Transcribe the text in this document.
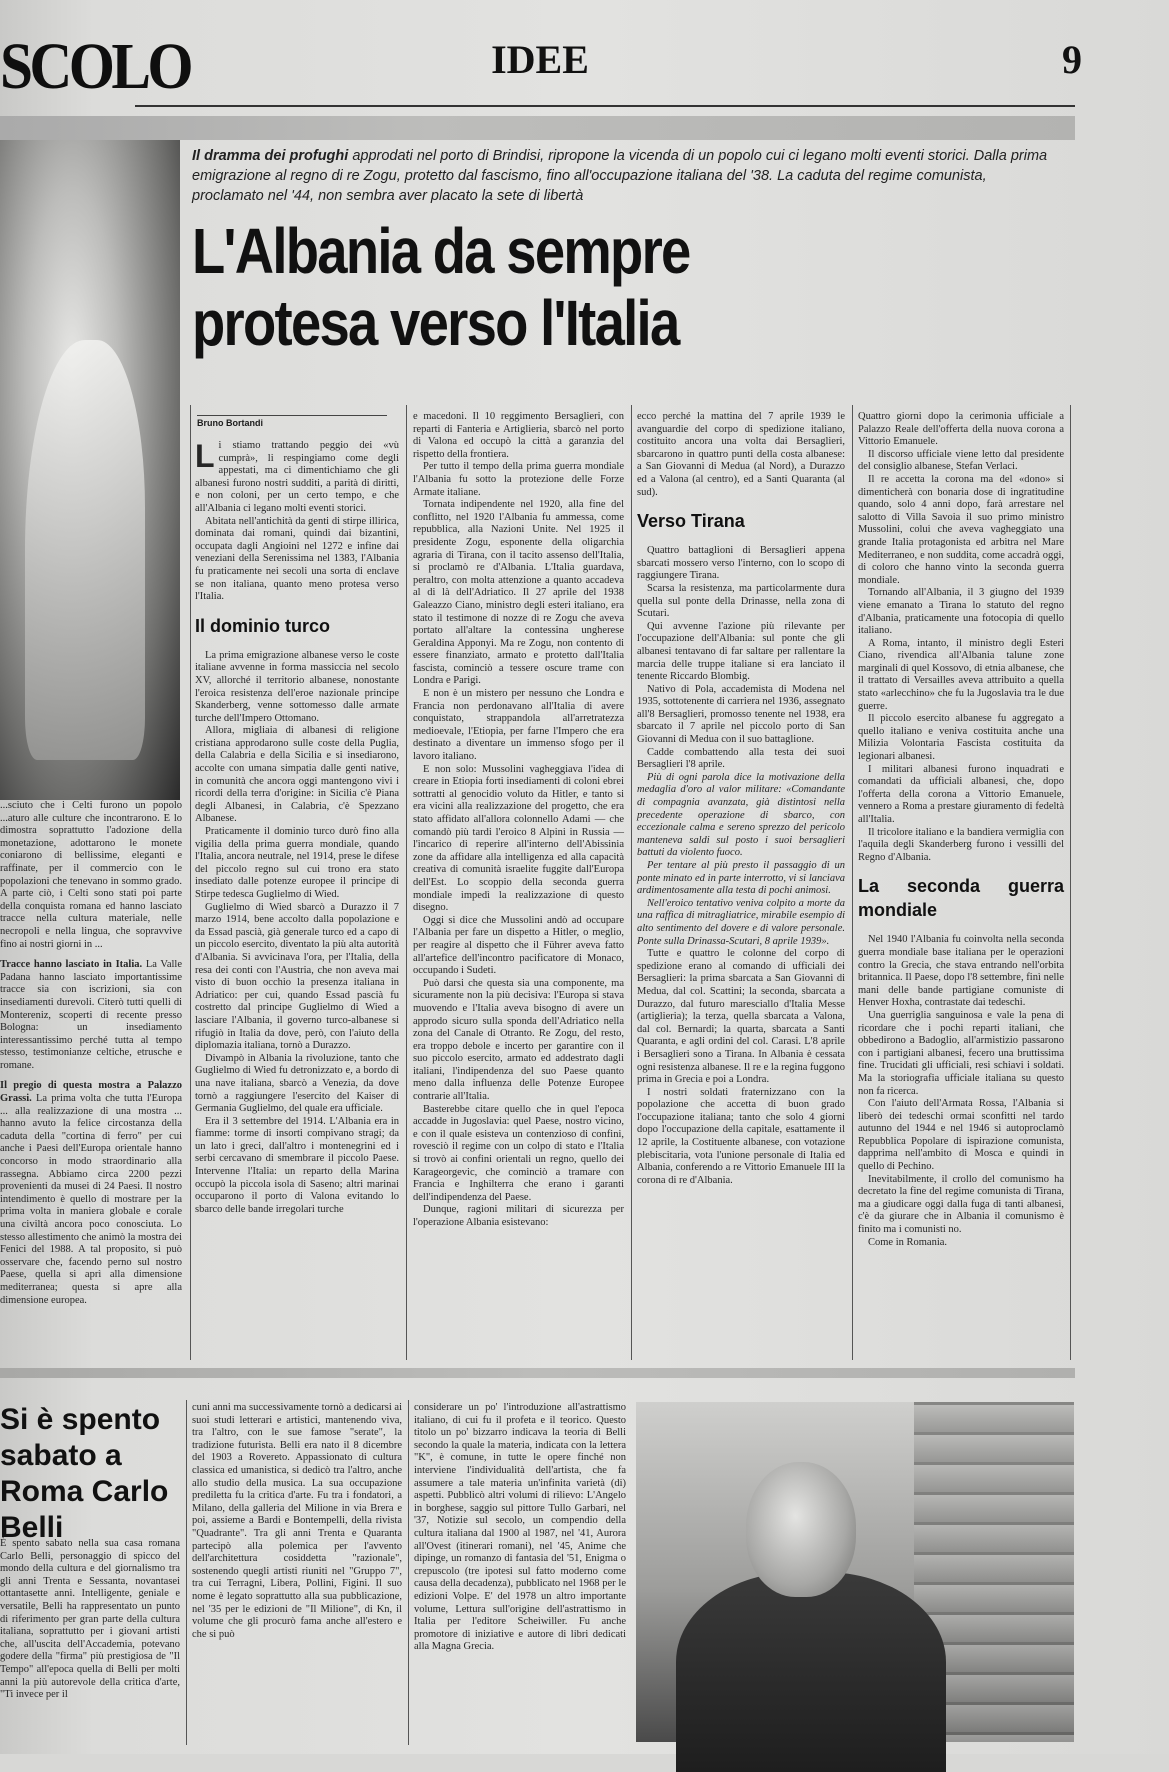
SCOLO	IDEE	9
Il dramma dei profughi approdati nel porto di Brindisi, ripropone la vicenda di un popolo cui ci legano molti eventi storici. Dalla prima emigrazione al regno di re Zogu, protetto dal fascismo, fino all'occupazione italiana del '38. La caduta del regime comunista, proclamato nel '44, non sembra aver placato la sete di libertà
L'Albania da sempre
protesa verso l'Italia
Bruno Bortandi

Li stiamo trattando peggio dei «vù cumprà», li respingiamo come degli appestati, ma ci dimentichiamo che gli albanesi furono nostri sudditi, a parità di diritti, e non coloni, per un certo tempo, e che all'Albania ci legano molti eventi storici.

Abitata nell'antichità da genti di stirpe illirica, dominata dai romani, quindi dai bizantini, occupata dagli Angioini nel 1272 e infine dai veneziani della Serenissima nel 1383, l'Albania fu praticamente nei secoli una sorta di enclave se non italiana, quanto meno protesa verso l'Italia.

Il dominio turco

La prima emigrazione albanese verso le coste italiane avvenne in forma massiccia nel secolo XV, allorché il territorio albanese, nonostante l'eroica resistenza dell'eroe nazionale principe Skanderberg, venne sottomesso dalle armate turche dell'Impero Ottomano.

Allora, migliaia di albanesi di religione cristiana approdarono sulle coste della Puglia, della Calabria e della Sicilia e si insediarono, accolte con umana simpatia dalle genti native, in comunità che ancora oggi mantengono vivi i ricordi della terra d'origine: in Sicilia c'è Piana degli Albanesi, in Calabria, c'è Spezzano Albanese.

Praticamente il dominio turco durò fino alla vigilia della prima guerra mondiale, quando l'Italia, ancora neutrale, nel 1914, prese le difese del piccolo regno sul cui trono era stato insediato dalle potenze europee il principe di Stirpe tedesca Guglielmo di Wied.

Guglielmo di Wied sbarcò a Durazzo il 7 marzo 1914, bene accolto dalla popolazione e da Essad pascià, già generale turco ed a capo di un piccolo esercito, diventato la più alta autorità d'Albania. Si avvicinava l'ora, per l'Italia, della resa dei conti con l'Austria, che non aveva mai visto di buon occhio la presenza italiana in Adriatico: per cui, quando Essad pascià fu costretto dal principe Guglielmo di Wied a lasciare l'Albania, il governo turco-albanese si rifugiò in Italia da dove, però, con l'aiuto della diplomazia italiana, tornò a Durazzo.

Divampò in Albania la rivoluzione, tanto che Guglielmo di Wied fu detronizzato e, a bordo di una nave italiana, sbarcò a Venezia, da dove tornò a raggiungere l'esercito del Kaiser di Germania Guglielmo, del quale era ufficiale.

Era il 3 settembre del 1914. L'Albania era in fiamme: torme di insorti compivano stragi; da un lato i greci, dall'altro i montenegrini ed i serbi cercavano di smembrare il piccolo Paese. Intervenne l'Italia: un reparto della Marina occupò la piccola isola di Saseno; altri marinai occuparono il porto di Valona evitando lo sbarco delle bande irregolari turche

e macedoni. Il 10 reggimento Bersaglieri, con reparti di Fanteria e Artiglieria, sbarcò nel porto di Valona ed occupò la città a garanzia del rispetto della frontiera.

Per tutto il tempo della prima guerra mondiale l'Albania fu sotto la protezione delle Forze Armate italiane.

Tornata indipendente nel 1920, alla fine del conflitto, nel 1920 l'Albania fu ammessa, come repubblica, alla Nazioni Unite. Nel 1925 il presidente Zogu, esponente della oligarchia agraria di Tirana, con il tacito assenso dell'Italia, si proclamò re d'Albania. L'Italia guardava, peraltro, con molta attenzione a quanto accadeva al di là dell'Adriatico. Il 27 aprile del 1938 Galeazzo Ciano, ministro degli esteri italiano, era stato il testimone di nozze di re Zogu che aveva portato all'altare la contessina ungherese Geraldina Apponyi. Ma re Zogu, non contento di essere finanziato, armato e protetto dall'Italia fascista, cominciò a tessere oscure trame con Londra e Parigi.

E non è un mistero per nessuno che Londra e Francia non perdonavano all'Italia di avere conquistato, strappandola all'arretratezza medioevale, l'Etiopia, per farne l'Impero che era destinato a diventare un immenso sfogo per il lavoro italiano.

E non solo: Mussolini vagheggiava l'idea di creare in Etiopia forti insediamenti di coloni ebrei sottratti al genocidio voluto da Hitler, e tanto si era vicini alla realizzazione del progetto, che era stato affidato all'allora colonnello Adami — che comandò più tardi l'eroico 8 Alpini in Russia — l'incarico di reperire all'interno dell'Abissinia zone da affidare alla intelligenza ed alla capacità creativa di comunità israelite fuggite dall'Europa dell'Est. Lo scoppio della seconda guerra mondiale impedì la realizzazione di questo disegno.

Oggi si dice che Mussolini andò ad occupare l'Albania per fare un dispetto a Hitler, o meglio, per reagire al dispetto che il Führer aveva fatto all'artefice dell'incontro pacificatore di Monaco, occupando i Sudeti.

Può darsi che questa sia una componente, ma sicuramente non la più decisiva: l'Europa si stava muovendo e l'Italia aveva bisogno di avere un approdo sicuro sulla sponda dell'Adriatico nella zona del Canale di Otranto. Re Zogu, del resto, era troppo debole e incerto per garantire con il suo piccolo esercito, armato ed addestrato dagli italiani, l'indipendenza del suo Paese quanto meno dalla influenza delle Potenze Europee contrarie all'Italia.

Basterebbe citare quello che in quel l'epoca accadde in Jugoslavia: quel Paese, nostro vicino, e con il quale esisteva un contenzioso di confini, rovesciò il regime con un colpo di stato e l'Italia si trovò ai confini orientali un regno, quello dei Karageorgevic, che cominciò a tramare con Francia e Inghilterra che erano i garanti dell'indipendenza del Paese.

Dunque, ragioni militari di sicurezza per l'operazione Albania esistevano:

ecco perché la mattina del 7 aprile 1939 le avanguardie del corpo di spedizione italiano, costituito ancora una volta dai Bersaglieri, sbarcarono in quattro punti della costa albanese: a San Giovanni di Medua (al Nord), a Durazzo ed a Valona (al centro), ed a Santi Quaranta (al sud).

Verso Tirana

Quattro battaglioni di Bersaglieri appena sbarcati mossero verso l'interno, con lo scopo di raggiungere Tirana.

Scarsa la resistenza, ma particolarmente dura quella sul ponte della Drinasse, nella zona di Scutari.

Qui avvenne l'azione più rilevante per l'occupazione dell'Albania: sul ponte che gli albanesi tentavano di far saltare per rallentare la marcia delle truppe italiane si era lanciato il tenente Riccardo Blombig.

Nativo di Pola, accademista di Modena nel 1935, sottotenente di carriera nel 1936, assegnato all'8 Bersaglieri, promosso tenente nel 1938, era sbarcato il 7 aprile nel piccolo porto di San Giovanni di Medua con il suo battaglione.

Cadde combattendo alla testa dei suoi Bersaglieri l'8 aprile.

Più di ogni parola dice la motivazione della medaglia d'oro al valor militare: «Comandante di compagnia avanzata, già distintosi nella precedente operazione di sbarco, con eccezionale calma e sereno sprezzo del pericolo manteneva saldi sul posto i suoi bersaglieri battuti da violento fuoco.

Per tentare al più presto il passaggio di un ponte minato ed in parte interrotto, vi si lanciava ardimentosamente alla testa di pochi animosi.

Nell'eroico tentativo veniva colpito a morte da una raffica di mitragliatrice, mirabile esempio di alto sentimento del dovere e di valore personale. Ponte sulla Drinassa-Scutari, 8 aprile 1939».

Tutte e quattro le colonne del corpo di spedizione erano al comando di ufficiali dei Bersaglieri: la prima sbarcata a San Giovanni di Medua, dal col. Scattini; la seconda, sbarcata a Durazzo, dal futuro maresciallo d'Italia Messe (artiglieria); la terza, quella sbarcata a Valona, dal col. Bernardi; la quarta, sbarcata a Santi Quaranta, e agli ordini del col. Carasi. L'8 aprile i Bersaglieri sono a Tirana. In Albania è cessata ogni resistenza albanese. Il re e la regina fuggono prima in Grecia e poi a Londra.

I nostri soldati fraternizzano con la popolazione che accetta di buon grado l'occupazione italiana; tanto che solo 4 giorni dopo l'occupazione della capitale, esattamente il 12 aprile, la Costituente albanese, con votazione plebiscitaria, vota l'unione personale di Italia ed Albania, conferendo a re Vittorio Emanuele III la corona di re d'Albania.

Quattro giorni dopo la cerimonia ufficiale a Palazzo Reale dell'offerta della nuova corona a Vittorio Emanuele.

Il discorso ufficiale viene letto dal presidente del consiglio albanese, Stefan Verlaci.

Il re accetta la corona ma del «dono» si dimenticherà con bonaria dose di ingratitudine quando, solo 4 anni dopo, farà arrestare nel salotto di Villa Savoia il suo primo ministro Mussolini, colui che aveva vagheggiato una grande Italia protagonista ed arbitra nel Mare Mediterraneo, e non suddita, come accadrà oggi, di coloro che hanno vinto la seconda guerra mondiale.

Tornando all'Albania, il 3 giugno del 1939 viene emanato a Tirana lo statuto del regno d'Albania, praticamente una fotocopia di quello italiano.

A Roma, intanto, il ministro degli Esteri Ciano, rivendica all'Albania talune zone marginali di quel Kossovo, di etnia albanese, che il trattato di Versailles aveva attribuito a quella stato «arlecchino» che fu la Jugoslavia tra le due guerre.

Il piccolo esercito albanese fu aggregato a quello italiano e veniva costituita anche una Milizia Volontaria Fascista costituita da legionari albanesi.

I militari albanesi furono inquadrati e comandati da ufficiali albanesi, che, dopo l'offerta della corona a Vittorio Emanuele, vennero a Roma a prestare giuramento di fedeltà all'Italia.

Il tricolore italiano e la bandiera vermiglia con l'aquila degli Skanderberg furono i vessilli del Regno d'Albania.

La seconda guerra mondiale

Nel 1940 l'Albania fu coinvolta nella seconda guerra mondiale base italiana per le operazioni contro la Grecia, che stava entrando nell'orbita britannica. Il Paese, dopo l'8 settembre, finì nelle mani delle bande partigiane comuniste di Henver Hoxha, contrastate dai tedeschi.

Una guerriglia sanguinosa e vale la pena di ricordare che i pochi reparti italiani, che obbedirono a Badoglio, all'armistizio passarono con i partigiani albanesi, fecero una bruttissima fine. Trucidati gli ufficiali, resi schiavi i soldati. Ma la storiografia ufficiale italiana su questo non fa ricerca.

Con l'aiuto dell'Armata Rossa, l'Albania si liberò dei tedeschi ormai sconfitti nel tardo autunno del 1944 e nel 1946 si autoproclamò Repubblica Popolare di ispirazione comunista, dapprima nell'ambito di Mosca e quindi in quello di Pechino.

Inevitabilmente, il crollo del comunismo ha decretato la fine del regime comunista di Tirana, ma a giudicare oggi dalla fuga di tanti albanesi, c'è da giurare che in Albania il comunismo è finito ma i comunisti no.

Come in Romania.

...sciuto che i Celti furono un popolo ...aturo alle culture che incontrarono. E lo dimostra soprattutto l'adozione della monetazione, adottarono le monete coniarono di bellissime, eleganti e raffinate, per il commercio con le popolazioni che tenevano in sommo grado. A parte ciò, i Celti sono stati poi parte della conquista romana ed hanno lasciato tracce nella cultura materiale, nelle necropoli e nella lingua, che sopravvive fino ai nostri giorni in ...

Tracce hanno lasciato in Italia. La Valle Padana hanno lasciato importantissime tracce sia con iscrizioni, sia con insediamenti durevoli. Citerò tutti quelli di Montereniz, scoperti di recente presso Bologna: un insediamento interessantissimo perché tutta al tempo stesso, testimonianze celtiche, etrusche e romane.

Il pregio di questa mostra a Palazzo Grassi. La prima volta che tutta l'Europa ... alla realizzazione di una mostra ... hanno avuto la felice circostanza della caduta della "cortina di ferro" per cui anche i Paesi dell'Europa orientale hanno concorso in modo straordinario alla rassegna. Abbiamo circa 2200 pezzi provenienti da musei di 24 Paesi. Il nostro intendimento è quello di mostrare per la prima volta in maniera globale e corale una civiltà ancora poco conosciuta. Lo stesso allestimento che animò la mostra dei Fenici del 1988. A tal proposito, si può osservare che, facendo perno sul nostro Paese, quella si aprì alla dimensione mediterranea; questa si apre alla dimensione europea.

Si è spento sabato a Roma Carlo Belli
È spento sabato nella sua casa romana Carlo Belli, personaggio di spicco del mondo della cultura e del giornalismo tra gli anni Trenta e Sessanta, novantasei ottantasette anni. Intelligente, geniale e versatile, Belli ha rappresentato un punto di riferimento per gran parte della cultura italiana, soprattutto per i giovani artisti che, all'uscita dell'Accademia, potevano godere della "firma" più prestigiosa de "Il Tempo" all'epoca quella di Belli per molti anni la più autorevole della critica d'arte, "Ti invece per il
cuni anni ma successivamente tornò a dedicarsi ai suoi studi letterari e artistici, mantenendo viva, tra l'altro, con le sue famose "serate", la tradizione futurista. Belli era nato il 8 dicembre del 1903 a Rovereto. Appassionato di cultura classica ed umanistica, si dedicò tra l'altro, anche allo studio della musica. La sua occupazione prediletta fu la critica d'arte. Fu tra i fondatori, a Milano, della galleria del Milione in via Brera e poi, assieme a Bardi e Bontempelli, della rivista "Quadrante". Tra gli anni Trenta e Quaranta partecipò alla polemica per l'avvento dell'architettura cosiddetta "razionale", sostenendo quegli artisti riuniti nel "Gruppo 7", tra cui Terragni, Libera, Pollini, Figini. Il suo nome è legato soprattutto alla sua pubblicazione, nel '35 per le edizioni de "Il Milione", di Kn, il volume che gli procurò fama anche all'estero e che si può
considerare un po' l'introduzione all'astrattismo italiano, di cui fu il profeta e il teorico. Questo titolo un po' bizzarro indicava la teoria di Belli secondo la quale la materia, indicata con la lettera "K", è comune, in tutte le opere finché non interviene l'individualità dell'artista, che fa assumere a tale materia un'infinita varietà (di) aspetti. Pubblicò altri volumi di rilievo: L'Angelo in borghese, saggio sul pittore Tullo Garbari, nel '37, Notizie sul secolo, un compendio della cultura italiana dal 1900 al 1987, nel '41, Aurora all'Ovest (itinerari romani), nel '45, Anime che dipinge, un romanzo di fantasia del '51, Enigma o crepuscolo (tre ipotesi sul fatto moderno come causa della decadenza), pubblicato nel 1968 per le edizioni Volpe. E' del 1978 un altro importante volume, Lettura sull'origine dell'astrattismo in Italia per l'editore Scheiwiller. Fu anche promotore di iniziative e autore di libri dedicati alla Magna Grecia.
